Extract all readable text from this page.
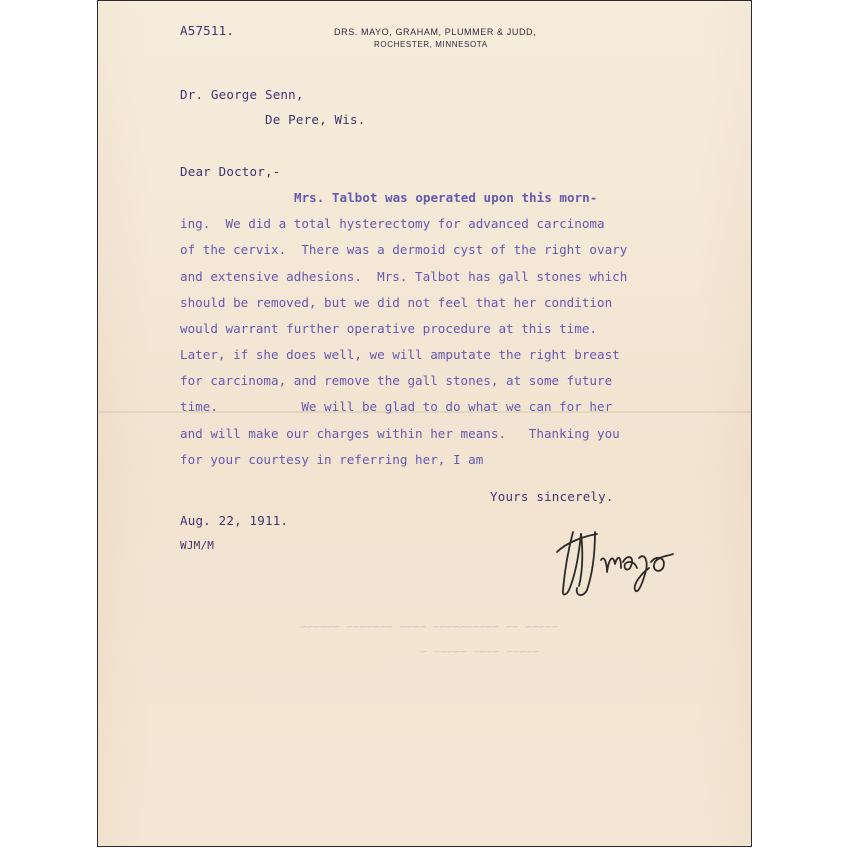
A57511.	DRS. MAYO, GRAHAM, PLUMMER & JUDD,
ROCHESTER, MINNESOTA
Dr. George Senn,
De Pere, Wis.
Dear Doctor,-
Mrs. Talbot was operated upon this morn-
ing.  We did a total hysterectomy for advanced carcinoma
of the cervix.  There was a dermoid cyst of the right ovary
and extensive adhesions.  Mrs. Talbot has gall stones which
should be removed, but we did not feel that her condition
would warrant further operative procedure at this time.
Later, if she does well, we will amputate the right breast
for carcinoma, and remove the gall stones, at some future
time.           We will be glad to do what we can for her
and will make our charges within her means.   Thanking you
for your courtesy in referring her, I am
Yours sincerely.
Aug. 22, 1911.
WJM/M
~~~~~ ~~ ~~~~~~~~~~ ~~~~ ~~~~~~~ ~~~~~~
~~~~~ ~~~~ ~~~~~ ~
